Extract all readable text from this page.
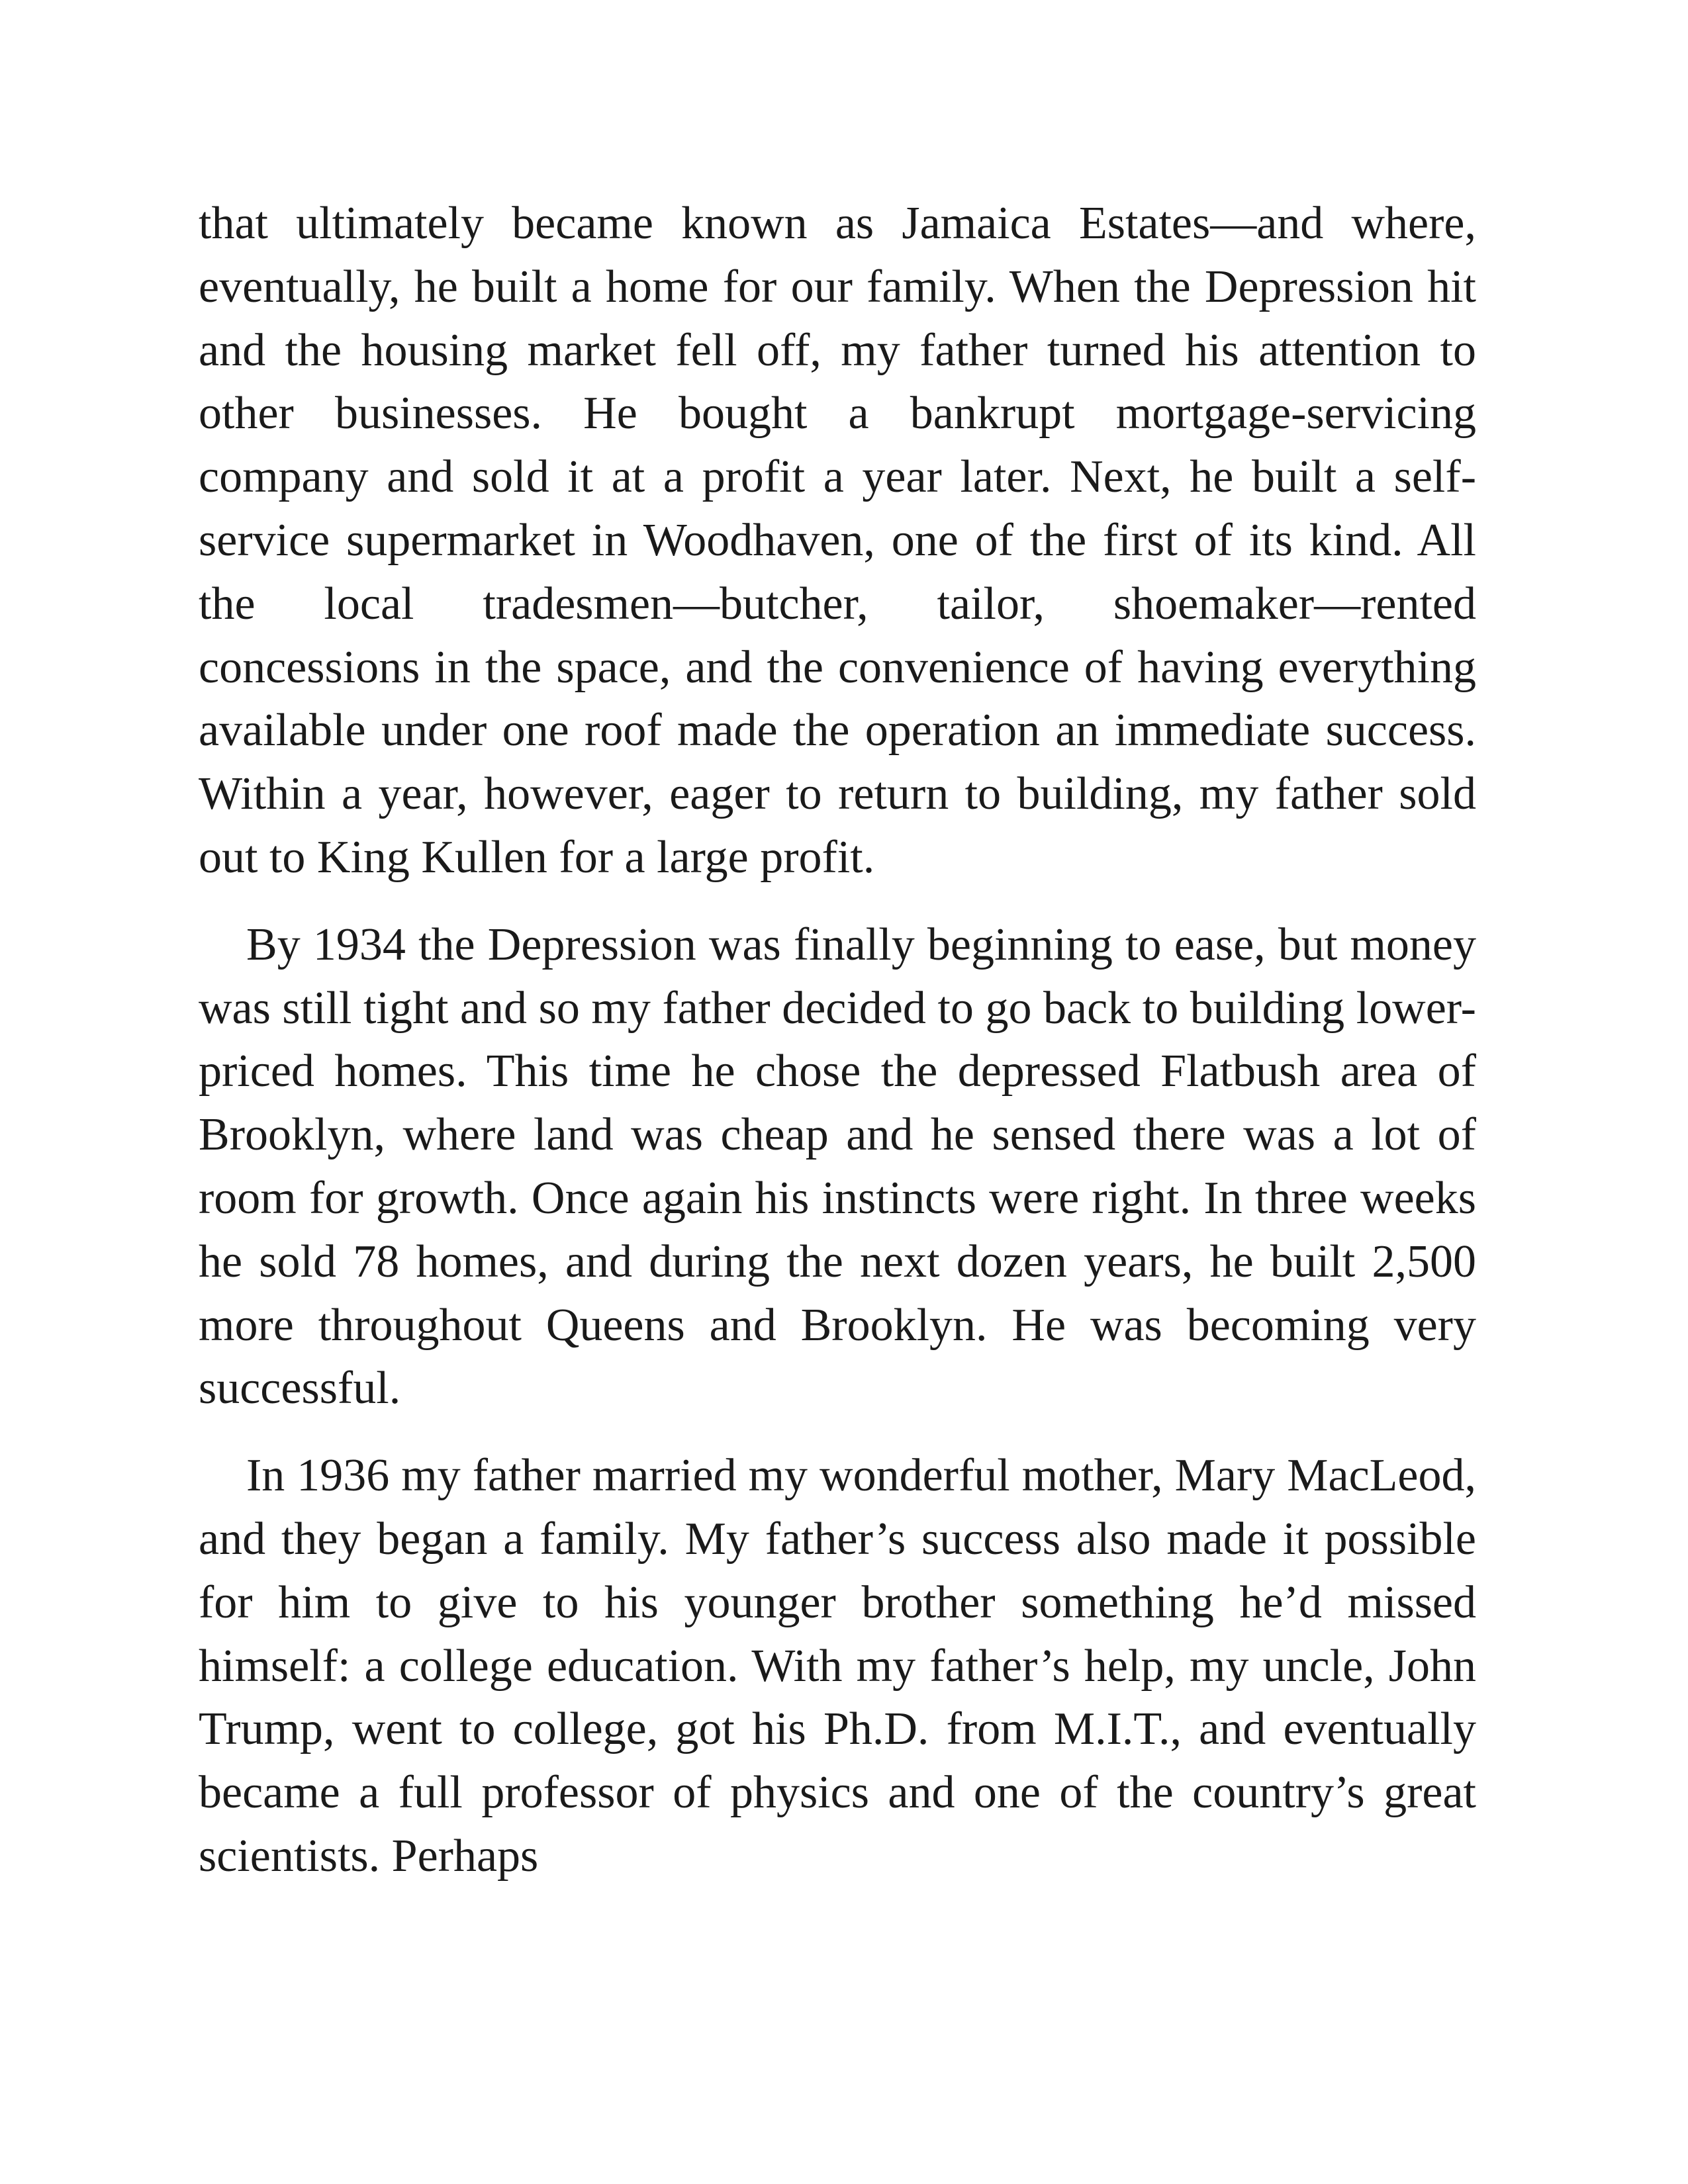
that ultimately became known as Jamaica Estates—and where, eventually, he built a home for our family. When the Depression hit and the housing market fell off, my father turned his attention to other businesses. He bought a bankrupt mortgage-servicing company and sold it at a profit a year later. Next, he built a self-service supermarket in Woodhaven, one of the first of its kind. All the local tradesmen—butcher, tailor, shoemaker—rented concessions in the space, and the convenience of having everything available under one roof made the operation an immediate success. Within a year, however, eager to return to building, my father sold out to King Kullen for a large profit.

By 1934 the Depression was finally beginning to ease, but money was still tight and so my father decided to go back to building lower-priced homes. This time he chose the depressed Flatbush area of Brooklyn, where land was cheap and he sensed there was a lot of room for growth. Once again his instincts were right. In three weeks he sold 78 homes, and during the next dozen years, he built 2,500 more throughout Queens and Brooklyn. He was becoming very successful.

In 1936 my father married my wonderful mother, Mary MacLeod, and they began a family. My father’s success also made it possible for him to give to his younger brother something he’d missed himself: a college education. With my father’s help, my uncle, John Trump, went to college, got his Ph.D. from M.I.T., and eventually became a full professor of physics and one of the country’s great scientists. Perhaps
